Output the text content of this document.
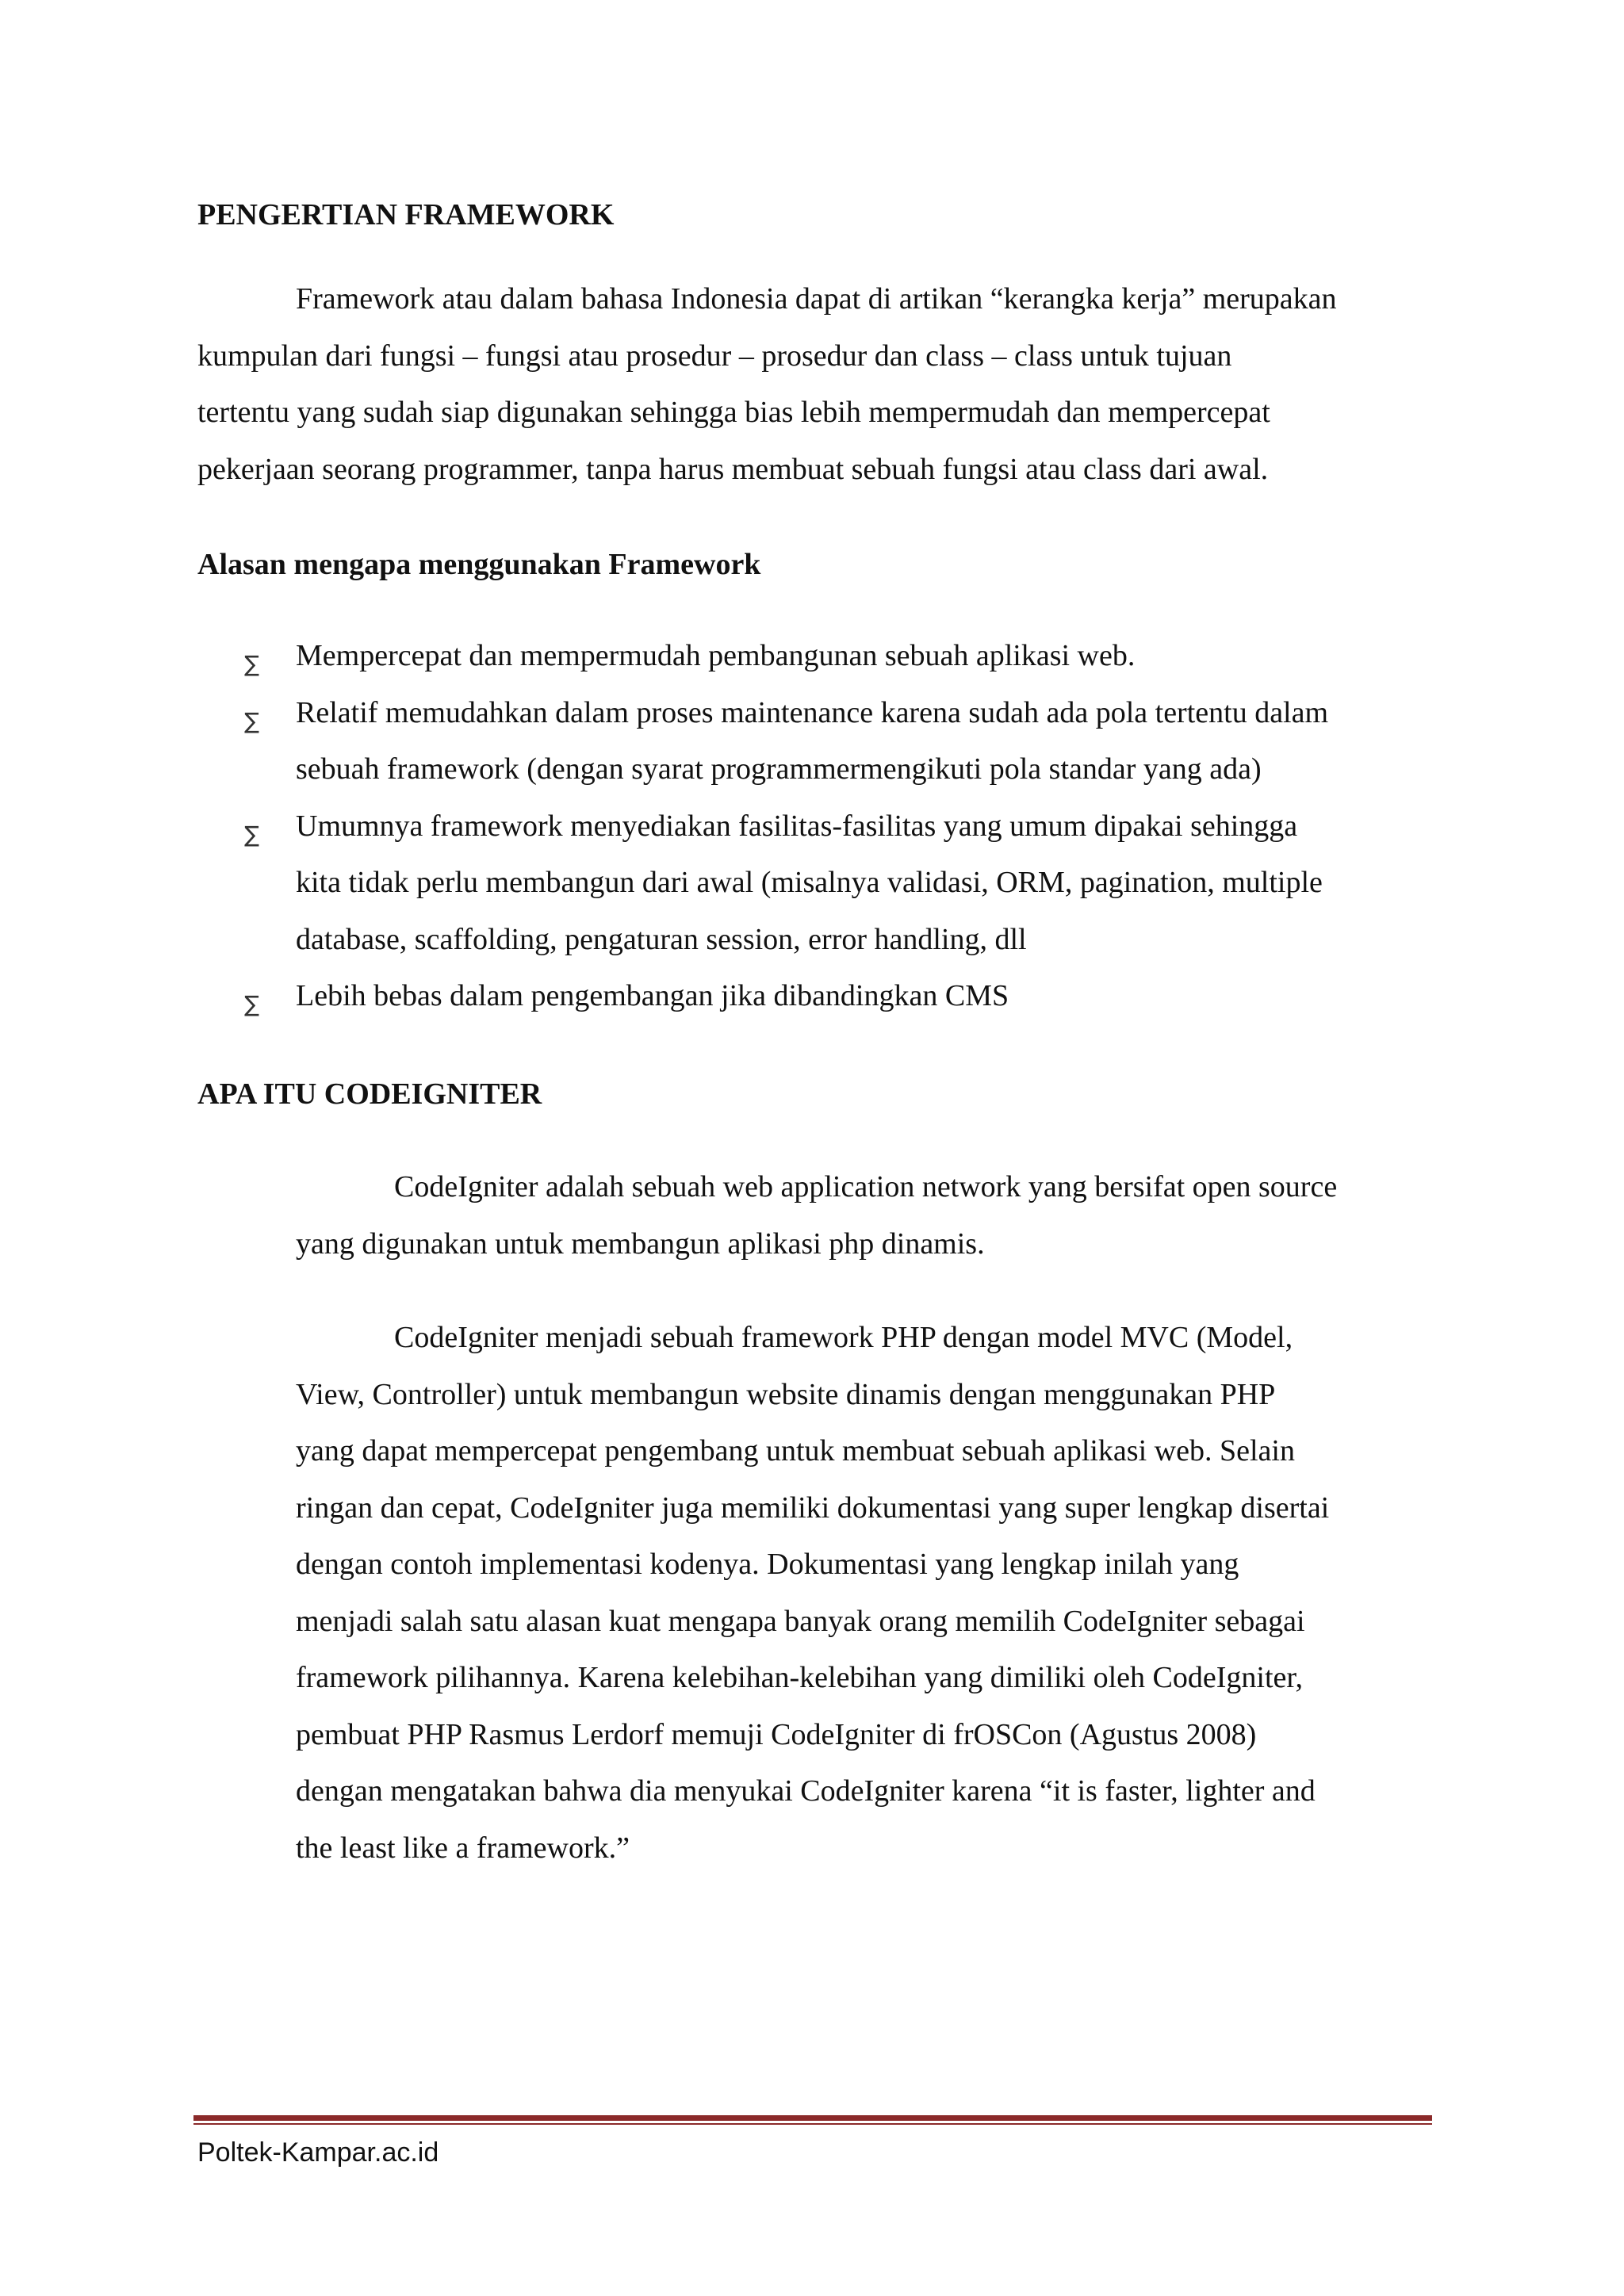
PENGERTIAN FRAMEWORK
Framework atau dalam bahasa Indonesia dapat di artikan “kerangka kerja” merupakan
kumpulan dari fungsi – fungsi atau prosedur – prosedur dan class – class untuk tujuan
tertentu yang sudah siap digunakan sehingga bias lebih mempermudah dan mempercepat
pekerjaan seorang programmer, tanpa harus membuat sebuah fungsi atau class dari awal.
Alasan mengapa menggunakan Framework
∑ Mempercepat dan mempermudah pembangunan sebuah aplikasi web.
∑ Relatif memudahkan dalam proses maintenance karena sudah ada pola tertentu dalam
sebuah framework (dengan syarat programmermengikuti pola standar yang ada)
∑ Umumnya framework menyediakan fasilitas-fasilitas yang umum dipakai sehingga
kita tidak perlu membangun dari awal (misalnya validasi, ORM, pagination, multiple
database, scaffolding, pengaturan session, error handling, dll
∑ Lebih bebas dalam pengembangan jika dibandingkan CMS
APA ITU CODEIGNITER
CodeIgniter adalah sebuah web application network yang bersifat open source
yang digunakan untuk membangun aplikasi php dinamis.
CodeIgniter menjadi sebuah framework PHP dengan model MVC (Model,
View, Controller) untuk membangun website dinamis dengan menggunakan PHP
yang dapat mempercepat pengembang untuk membuat sebuah aplikasi web. Selain
ringan dan cepat, CodeIgniter juga memiliki dokumentasi yang super lengkap disertai
dengan contoh implementasi kodenya. Dokumentasi yang lengkap inilah yang
menjadi salah satu alasan kuat mengapa banyak orang memilih CodeIgniter sebagai
framework pilihannya. Karena kelebihan-kelebihan yang dimiliki oleh CodeIgniter,
pembuat PHP Rasmus Lerdorf memuji CodeIgniter di frOSCon (Agustus 2008)
dengan mengatakan bahwa dia menyukai CodeIgniter karena “it is faster, lighter and
the least like a framework.”
Poltek-Kampar.ac.id
